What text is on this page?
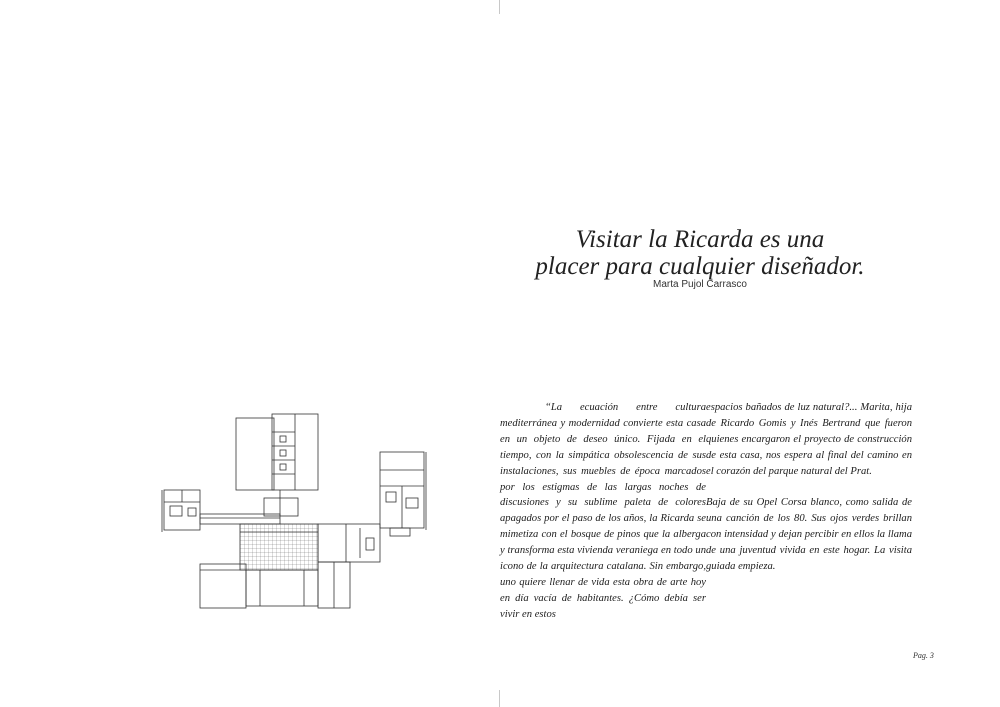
Visitar la Ricarda es una
placer para cualquier diseñador.
Marta Pujol Carrasco

“La ecuación entre cultura mediterránea y modernidad convierte esta casa en un objeto de deseo único. Fijada en el tiempo, con la simpática obsolescencia de sus instalaciones, sus muebles de época marcados por los estigmas de las largas noches de discusiones y su sublime paleta de colores apagados por el paso de los años, la Ricarda se mimetiza con el bosque de pinos que la alberga y transforma esta vivienda veraniega en todo un icono de la arquitectura catalana. Sin embargo, uno quiere llenar de vida esta obra de arte hoy en día vacía de habitantes. ¿Cómo debía ser vivir en estos

espacios bañados de luz natural?... Marita, hija de Ricardo Gomis y Inés Bertrand que fueron quienes encargaron el proyecto de construcción de esta casa, nos espera al final del camino en el corazón del parque natural del Prat.

Baja de su Opel Corsa blanco, como salida de una canción de los 80. Sus ojos verdes brillan con intensidad y dejan percibir en ellos la llama de una juventud vivida en este hogar. La visita guiada empieza.

Pag. 3
